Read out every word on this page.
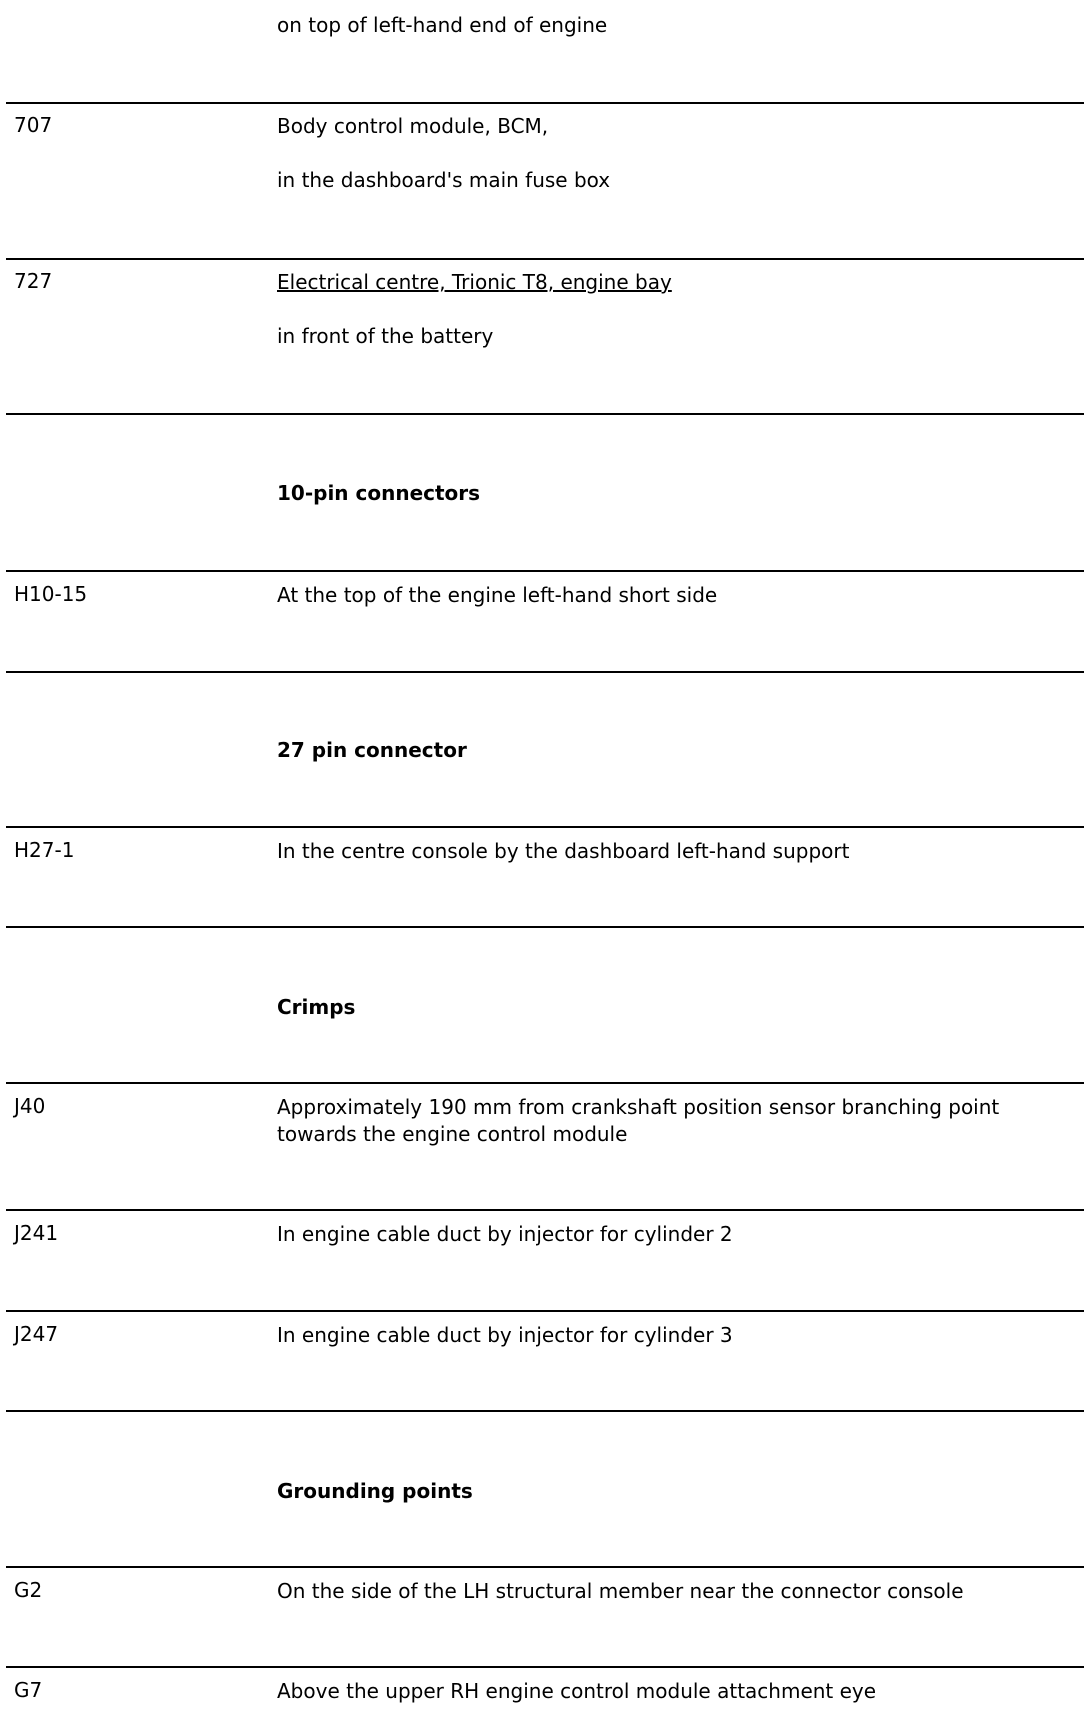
on top of left-hand end of engine

707	Body control module, BCM,

in the dashboard's main fuse box

727	Electrical centre, Trionic T8, engine bay

in front of the battery

10-pin connectors
H10-15	At the top of the engine left-hand short side

27 pin connector
H27-1	In the centre console by the dashboard left-hand support

Crimps
J40	Approximately 190 mm from crankshaft position sensor branching point towards the engine control module

J241	In engine cable duct by injector for cylinder 2

J247	In engine cable duct by injector for cylinder 3

Grounding points
G2	On the side of the LH structural member near the connector console

G7	Above the upper RH engine control module attachment eye
